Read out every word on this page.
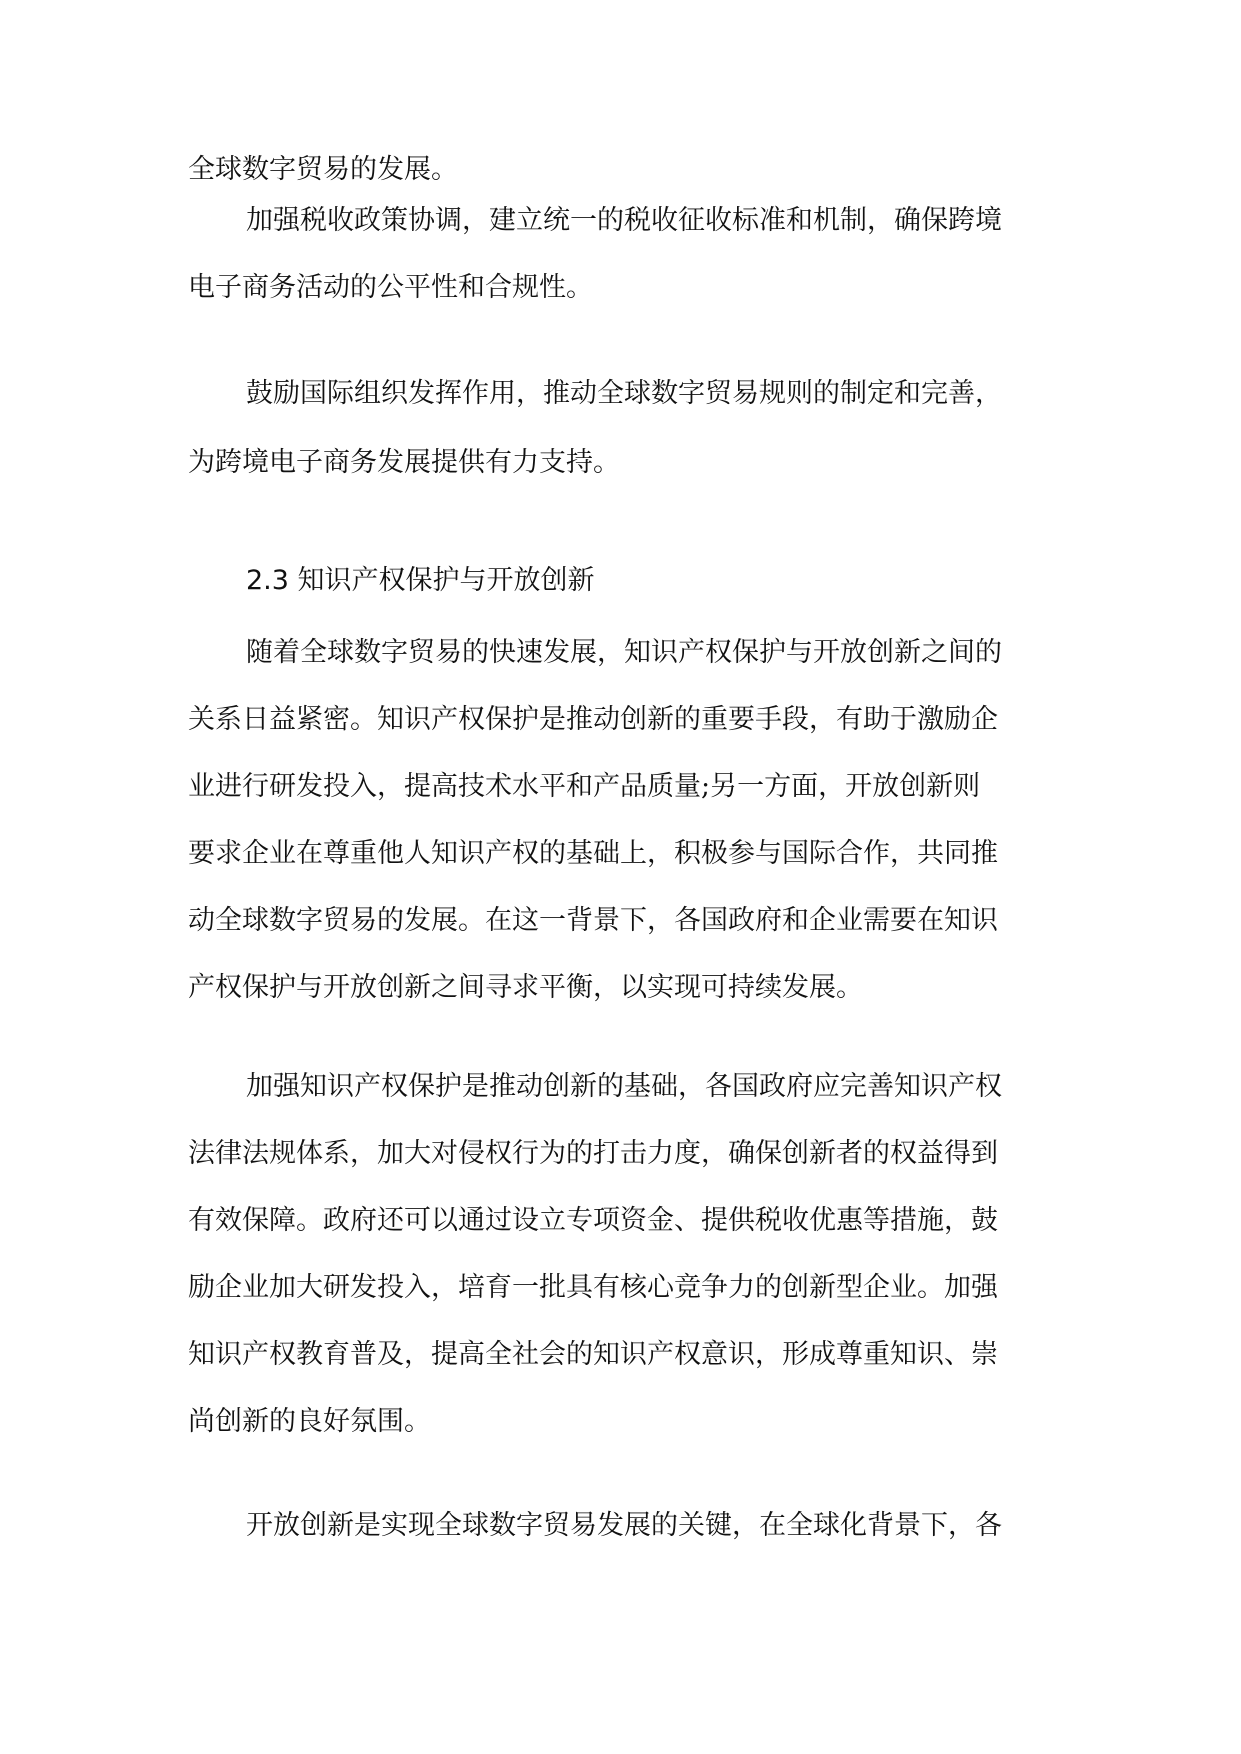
全球数字贸易的发展。
加强税收政策协调，建立统一的税收征收标准和机制，确保跨境
电子商务活动的公平性和合规性。
鼓励国际组织发挥作用，推动全球数字贸易规则的制定和完善，
为跨境电子商务发展提供有力支持。
2.3 知识产权保护与开放创新
随着全球数字贸易的快速发展，知识产权保护与开放创新之间的
关系日益紧密。知识产权保护是推动创新的重要手段，有助于激励企
业进行研发投入，提高技术水平和产品质量;另一方面，开放创新则
要求企业在尊重他人知识产权的基础上，积极参与国际合作，共同推
动全球数字贸易的发展。在这一背景下，各国政府和企业需要在知识
产权保护与开放创新之间寻求平衡，以实现可持续发展。
加强知识产权保护是推动创新的基础，各国政府应完善知识产权
法律法规体系，加大对侵权行为的打击力度，确保创新者的权益得到
有效保障。政府还可以通过设立专项资金、提供税收优惠等措施，鼓
励企业加大研发投入，培育一批具有核心竞争力的创新型企业。加强
知识产权教育普及，提高全社会的知识产权意识，形成尊重知识、崇
尚创新的良好氛围。
开放创新是实现全球数字贸易发展的关键，在全球化背景下，各
